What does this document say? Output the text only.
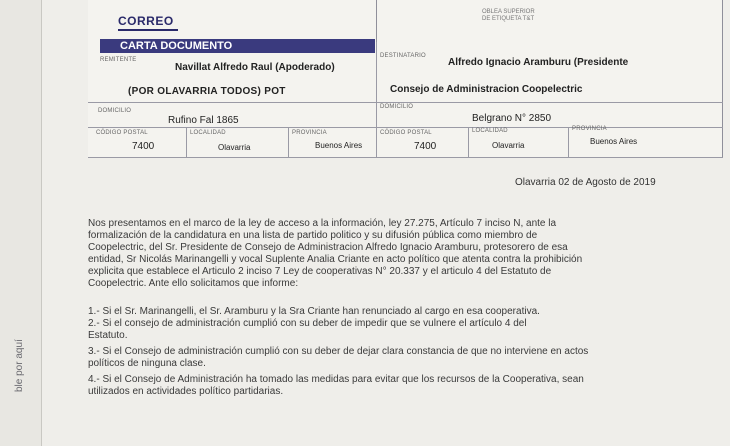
ble por aquí
CORREO
OBLEA SUPERIOR DE ETIQUETA T&T
CARTA DOCUMENTO
REMITENTE
Navillat Alfredo Raul (Apoderado)
(POR OLAVARRIA TODOS) POT
DESTINATARIO
Alfredo Ignacio Aramburu (Presidente
Consejo de Administracion Coopelectric
DOMICILIO
Rufino Fal 1865
DOMICILIO
Belgrano N° 2850
CÓDIGO POSTAL
7400
LOCALIDAD
Olavarria
PROVINCIA
Buenos Aires
CÓDIGO POSTAL
7400
LOCALIDAD
Olavarria
PROVINCIA
Buenos Aires
Olavarria 02 de Agosto de 2019
Nos presentamos en el marco de la ley de acceso a la información, ley 27.275, Artículo 7 inciso N, ante la
formalización de la candidatura en una lista de partido politico y su difusión pública como miembro de
Coopelectric, del Sr. Presidente de Consejo de Administracion Alfredo Ignacio Aramburu, protesorero de esa
entidad, Sr Nicolás Marinangelli y vocal Suplente Analia Criante en acto político que atenta contra la prohibición
explicita que establece el Articulo 2 inciso 7 Ley de cooperativas N° 20.337 y el articulo 4 del Estatuto de
Coopelectric. Ante ello solicitamos que informe:
1.- Si el Sr. Marinangelli, el Sr. Aramburu y la Sra Criante han renunciado al cargo en esa cooperativa.
2.- Si el consejo de administración cumplió con su deber de impedir que se vulnere el artículo 4 del
Estatuto.
3.- Si el Consejo de administración cumplió con su deber de dejar clara constancia de que no interviene en actos
políticos de ninguna clase.
4.- Si el Consejo de Administración ha tomado las medidas para evitar que los recursos de la Cooperativa, sean
utilizados en actividades político partidarias.
